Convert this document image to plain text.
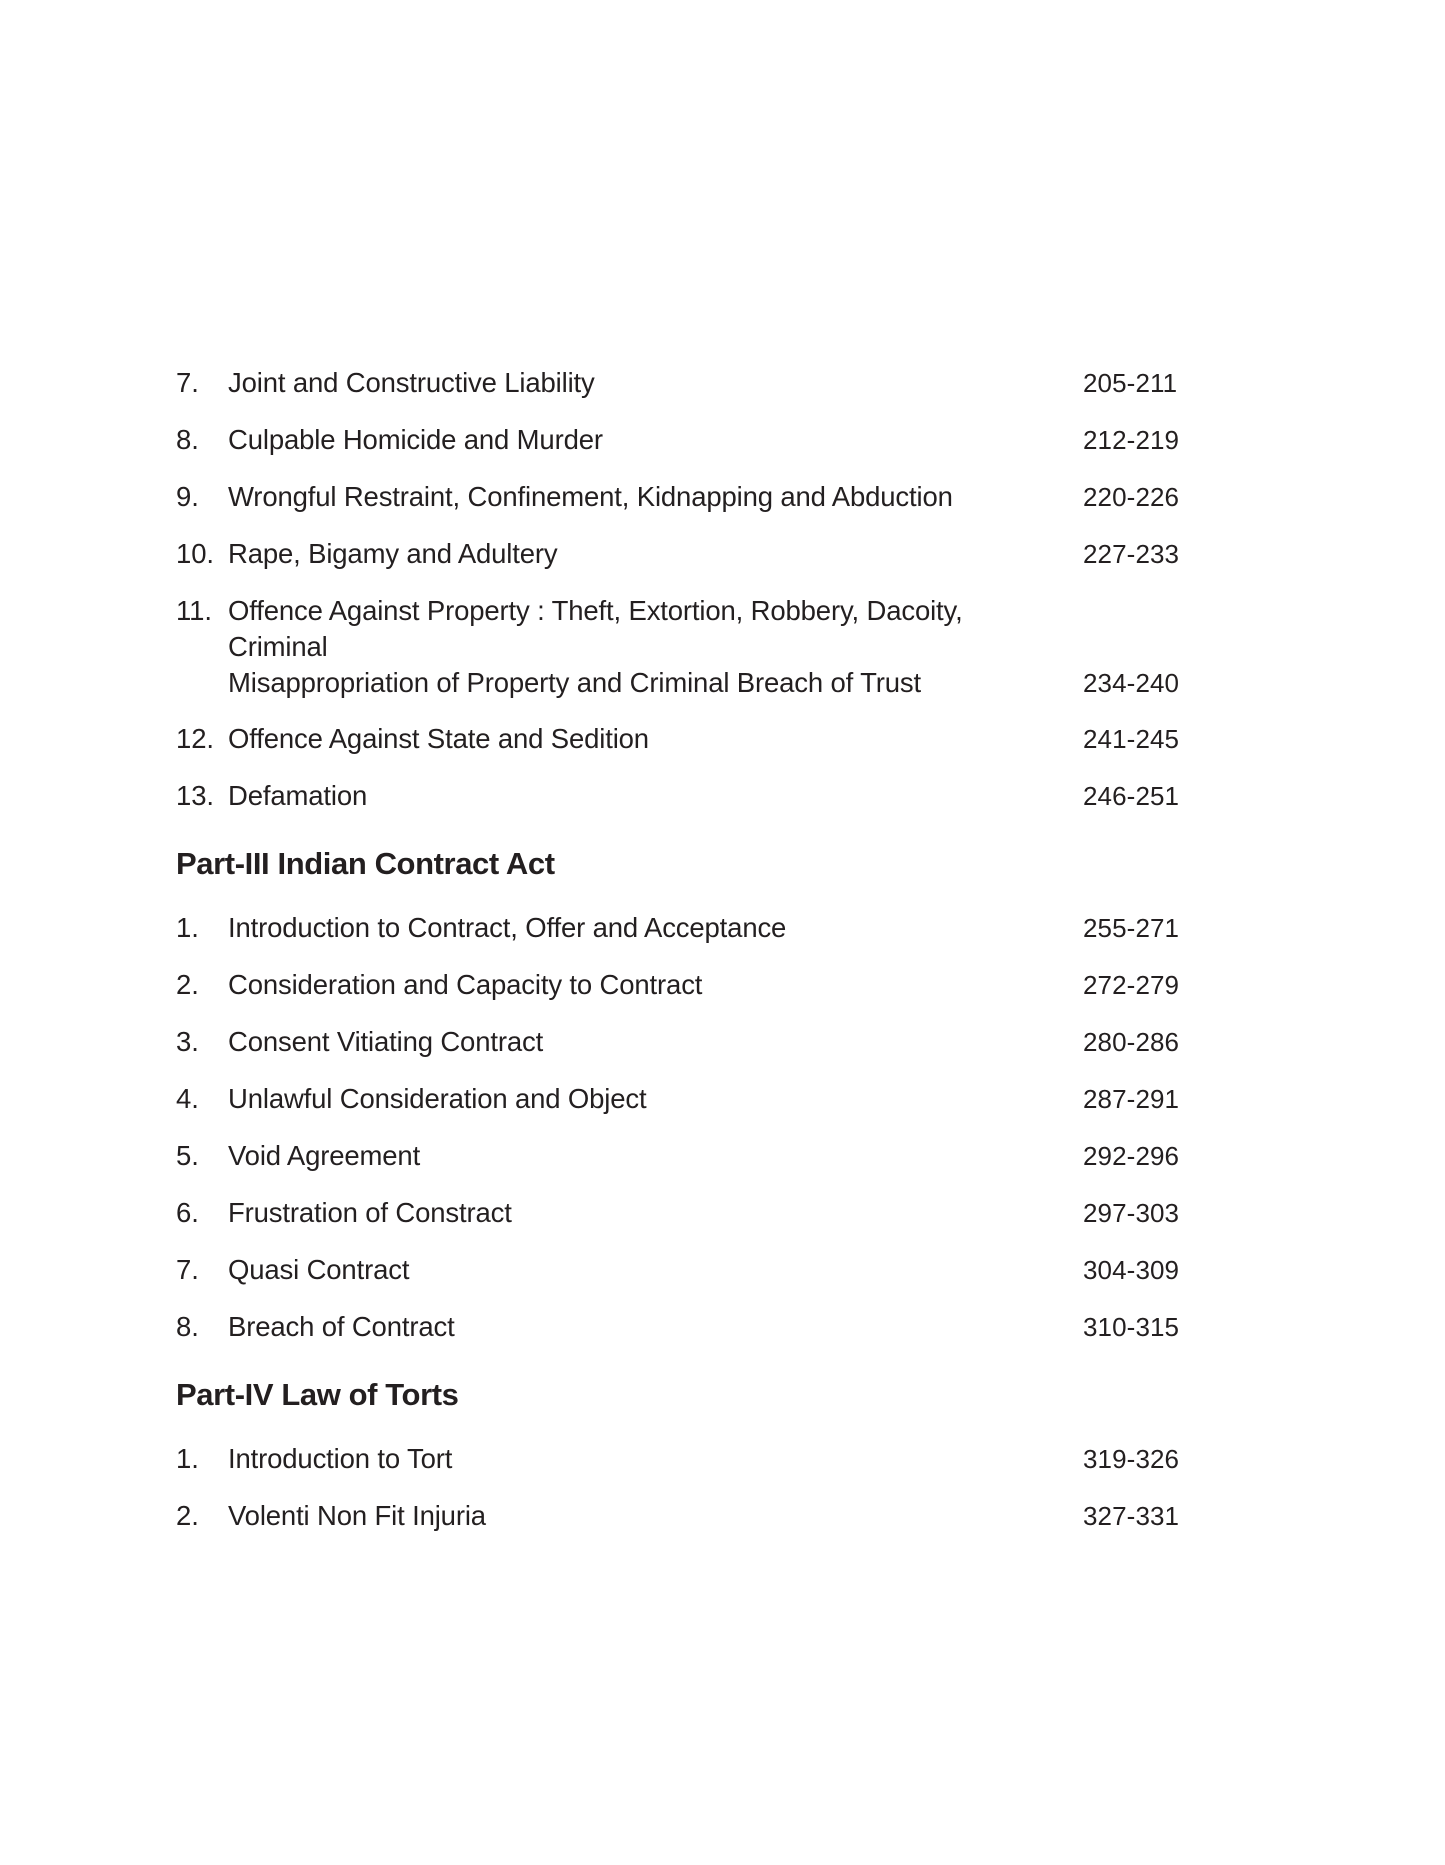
7.	Joint and Constructive Liability	205-211
8.	Culpable Homicide and Murder	212-219
9.	Wrongful Restraint, Confinement, Kidnapping and Abduction	220-226
10. Rape, Bigamy and Adultery	227-233
11. Offence Against Property : Theft, Extortion, Robbery, Dacoity, Criminal
Misappropriation of Property and Criminal Breach of Trust	234-240
12. Offence Against State and Sedition	241-245
13. Defamation	246-251
Part-III Indian Contract Act
1.	Introduction to Contract, Offer and Acceptance	255-271
2.	Consideration and Capacity to Contract	272-279
3.	Consent Vitiating Contract	280-286
4.	Unlawful Consideration and Object	287-291
5.	Void Agreement	292-296
6.	Frustration of Constract	297-303
7.	Quasi Contract	304-309
8.	Breach of Contract	310-315
Part-IV Law of Torts
1.	Introduction to Tort	319-326
2.	Volenti Non Fit Injuria	327-331
